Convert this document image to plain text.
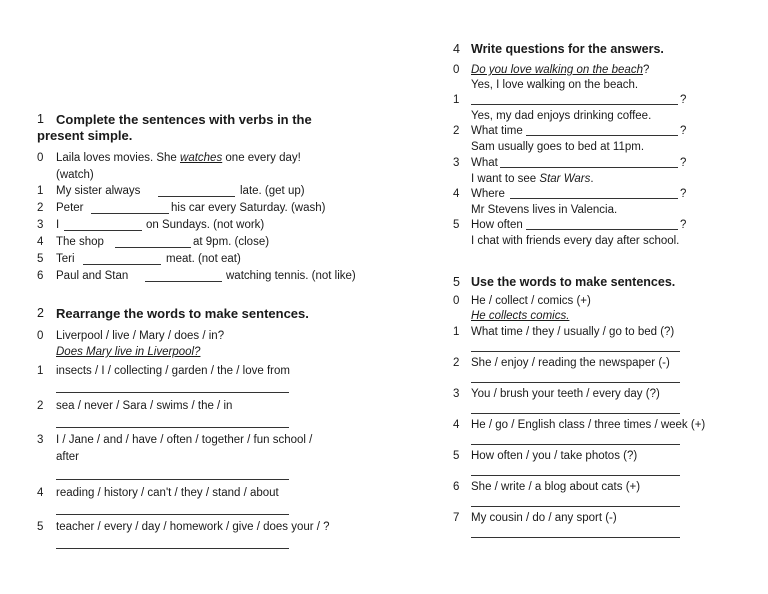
1 Complete the sentences with verbs in the
present simple.
0 Laila loves movies. She watches one every day!
(watch)
1 My sister always	late. (get up)
2 Peter	his car every Saturday. (wash)
3 I	on Sundays. (not work)
4 The shop	at 9pm. (close)
5 Teri	meat. (not eat)
6 Paul and Stan	watching tennis. (not like)
2 Rearrange the words to make sentences.
0 Liverpool / live / Mary / does / in?
Does Mary live in Liverpool?
1 insects / I / collecting / garden / the / love from
2 sea / never / Sara / swims / the / in
3 I / Jane / and / have / often / together / fun school /
after
4 reading / history / can't / they / stand / about
5 teacher / every / day / homework / give / does your / ?
4 Write questions for the answers.
0 Do you love walking on the beach?
Yes, I love walking on the beach.
1	?
Yes, my dad enjoys drinking coffee.
2 What time	?
Sam usually goes to bed at 11pm.
3 What	?
I want to see Star Wars.
4 Where	?
Mr Stevens lives in Valencia.
5 How often	?
I chat with friends every day after school.
5 Use the words to make sentences.
0 He / collect / comics (+)
He collects comics.
1 What time / they / usually / go to bed (?)
2 She / enjoy / reading the newspaper (-)
3 You / brush your teeth / every day (?)
4 He / go / English class / three times / week (+)
5 How often / you / take photos (?)
6 She / write / a blog about cats (+)
7 My cousin / do / any sport (-)
